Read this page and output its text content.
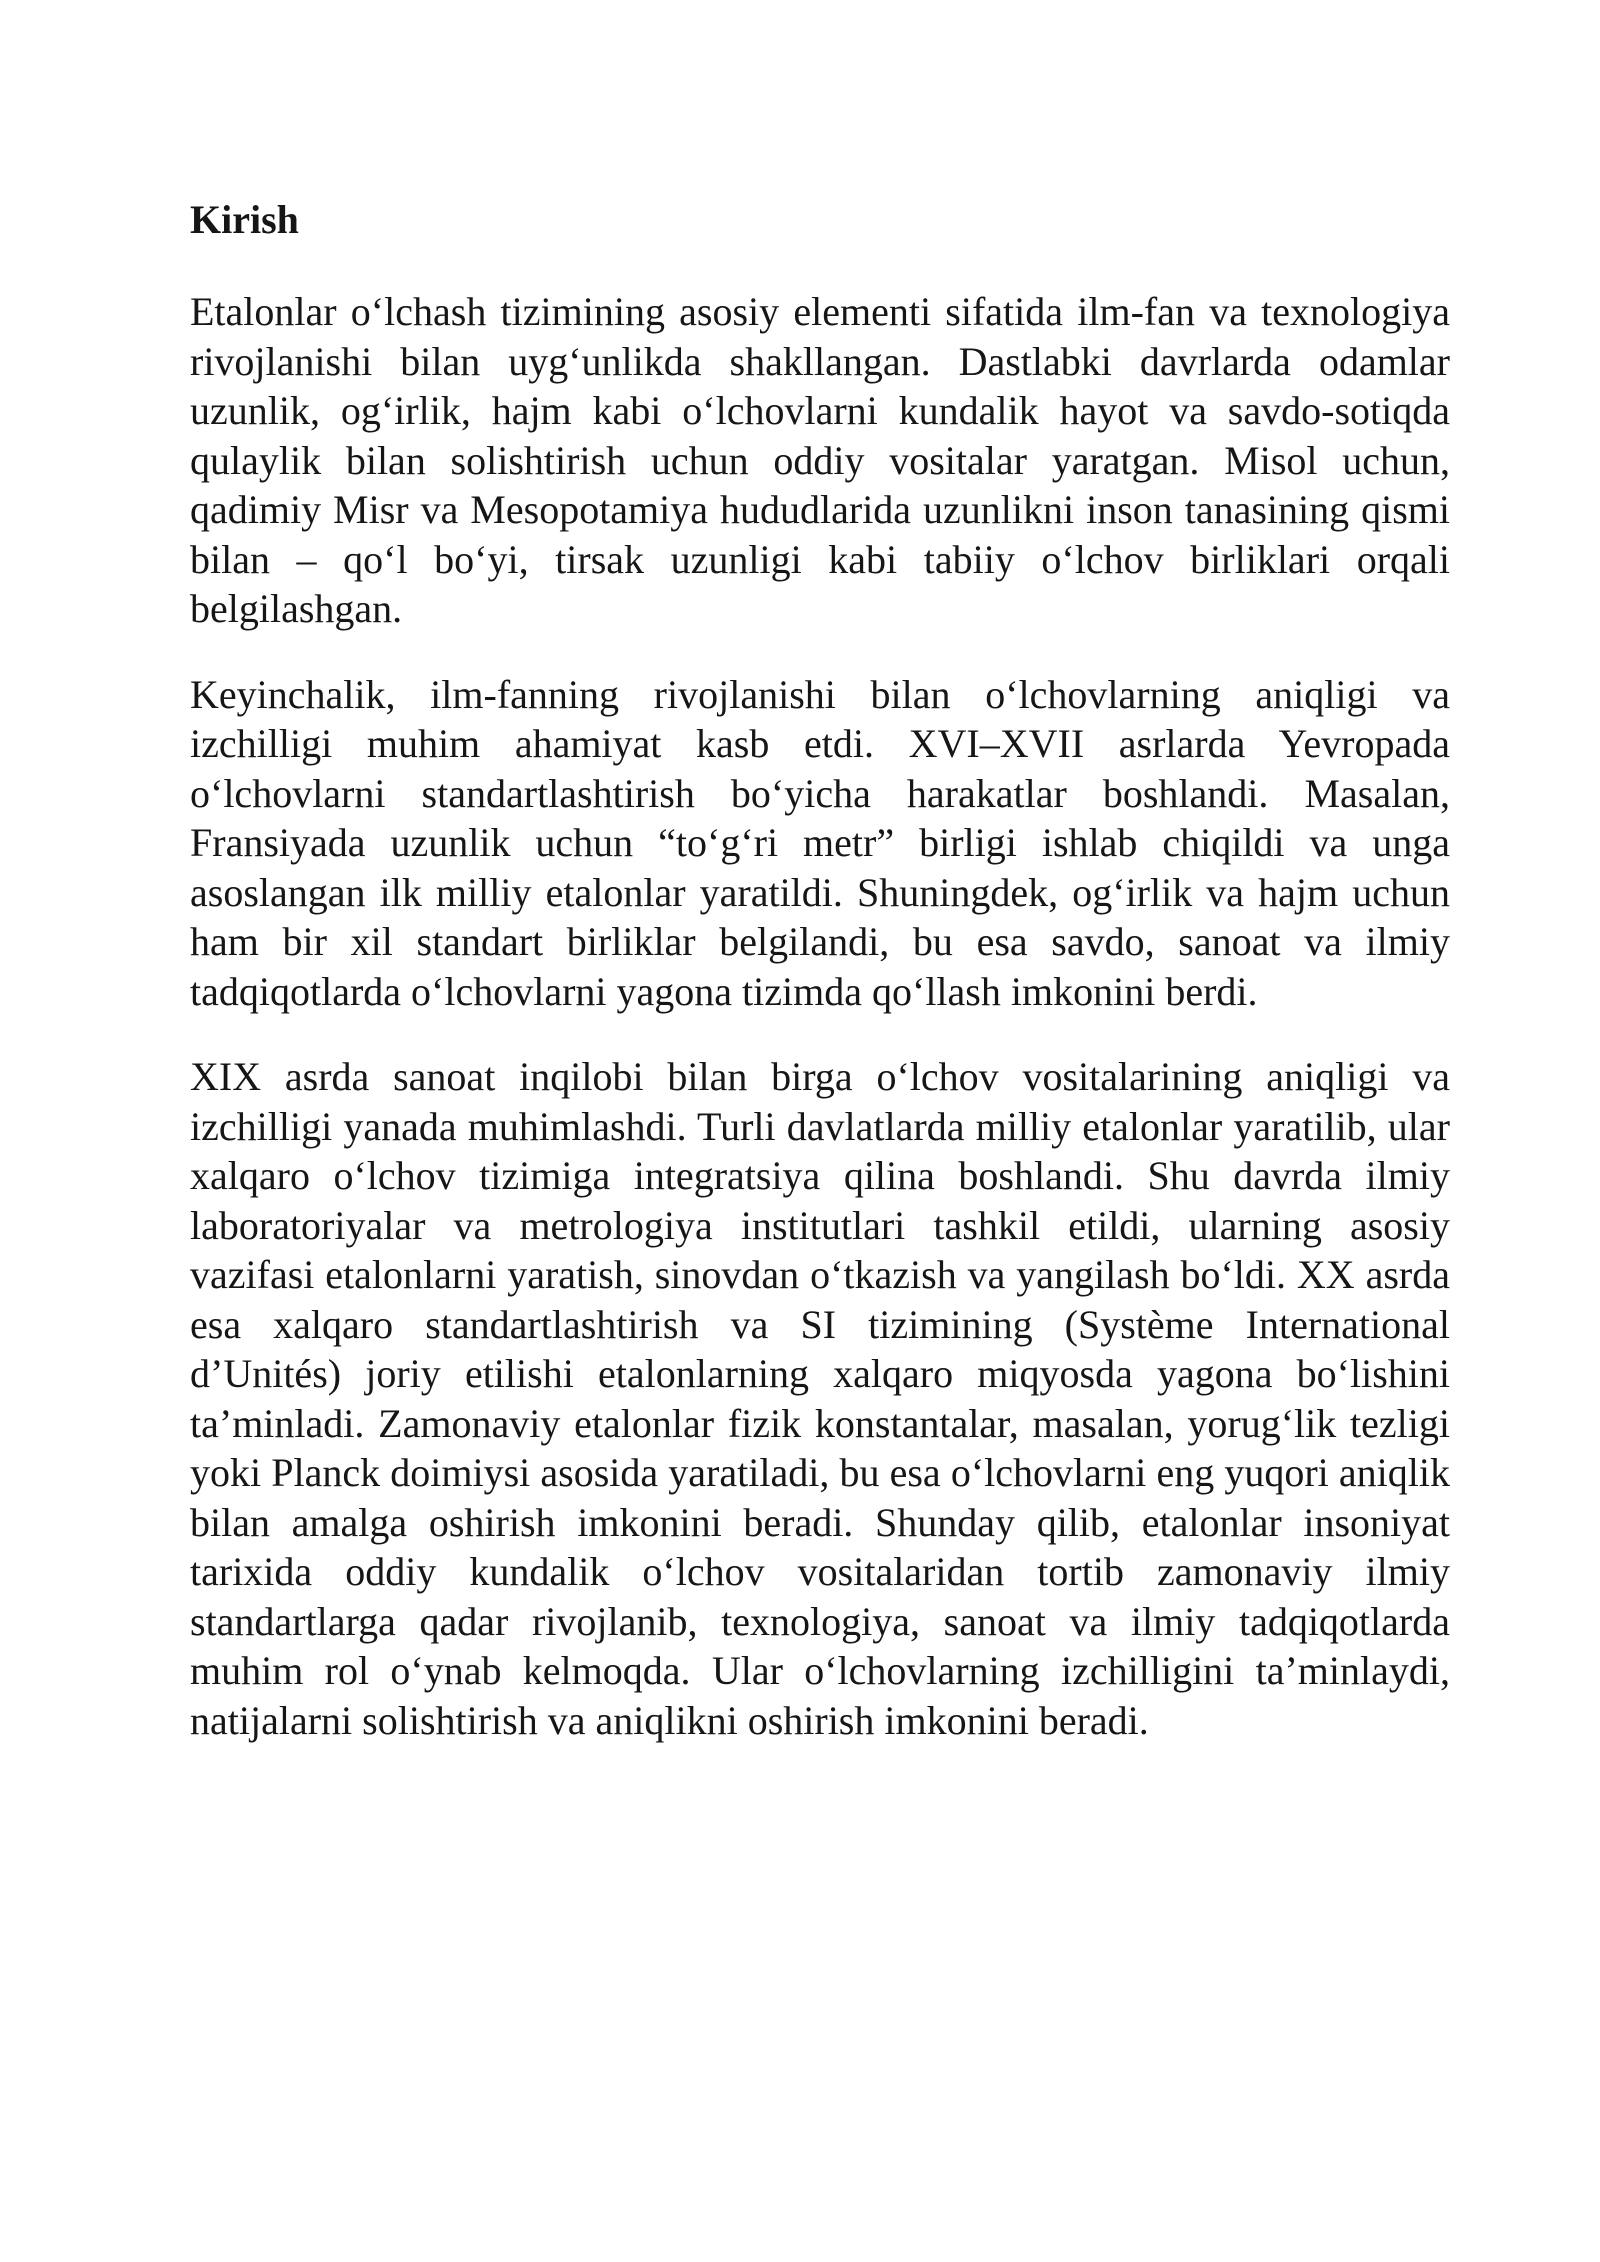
Kirish

Etalonlar o‘lchash tizimining asosiy elementi sifatida ilm-fan va texnologiya rivojlanishi bilan uyg‘unlikda shakllangan. Dastlabki davrlarda odamlar uzunlik, og‘irlik, hajm kabi o‘lchovlarni kundalik hayot va savdo-sotiqda qulaylik bilan solishtirish uchun oddiy vositalar yaratgan. Misol uchun, qadimiy Misr va Mesopotamiya hududlarida uzunlikni inson tanasining qismi bilan – qo‘l bo‘yi, tirsak uzunligi kabi tabiiy o‘lchov birliklari orqali belgilashgan.

Keyinchalik, ilm-fanning rivojlanishi bilan o‘lchovlarning aniqligi va izchilligi muhim ahamiyat kasb etdi. XVI–XVII asrlarda Yevropada o‘lchovlarni standartlashtirish bo‘yicha harakatlar boshlandi. Masalan, Fransiyada uzunlik uchun “to‘g‘ri metr” birligi ishlab chiqildi va unga asoslangan ilk milliy etalonlar yaratildi. Shuningdek, og‘irlik va hajm uchun ham bir xil standart birliklar belgilandi, bu esa savdo, sanoat va ilmiy tadqiqotlarda o‘lchovlarni yagona tizimda qo‘llash imkonini berdi.

XIX asrda sanoat inqilobi bilan birga o‘lchov vositalarining aniqligi va izchilligi yanada muhimlashdi. Turli davlatlarda milliy etalonlar yaratilib, ular xalqaro o‘lchov tizimiga integratsiya qilina boshlandi. Shu davrda ilmiy laboratoriyalar va metrologiya institutlari tashkil etildi, ularning asosiy vazifasi etalonlarni yaratish, sinovdan o‘tkazish va yangilash bo‘ldi. XX asrda esa xalqaro standartlashtirish va SI tizimining (Système International d’Unités) joriy etilishi etalonlarning xalqaro miqyosda yagona bo‘lishini ta’minladi. Zamonaviy etalonlar fizik konstantalar, masalan, yorug‘lik tezligi yoki Planck doimiysi asosida yaratiladi, bu esa o‘lchovlarni eng yuqori aniqlik bilan amalga oshirish imkonini beradi. Shunday qilib, etalonlar insoniyat tarixida oddiy kundalik o‘lchov vositalaridan tortib zamonaviy ilmiy standartlarga qadar rivojlanib, texnologiya, sanoat va ilmiy tadqiqotlarda muhim rol o‘ynab kelmoqda. Ular o‘lchovlarning izchilligini ta’minlaydi, natijalarni solishtirish va aniqlikni oshirish imkonini beradi.
